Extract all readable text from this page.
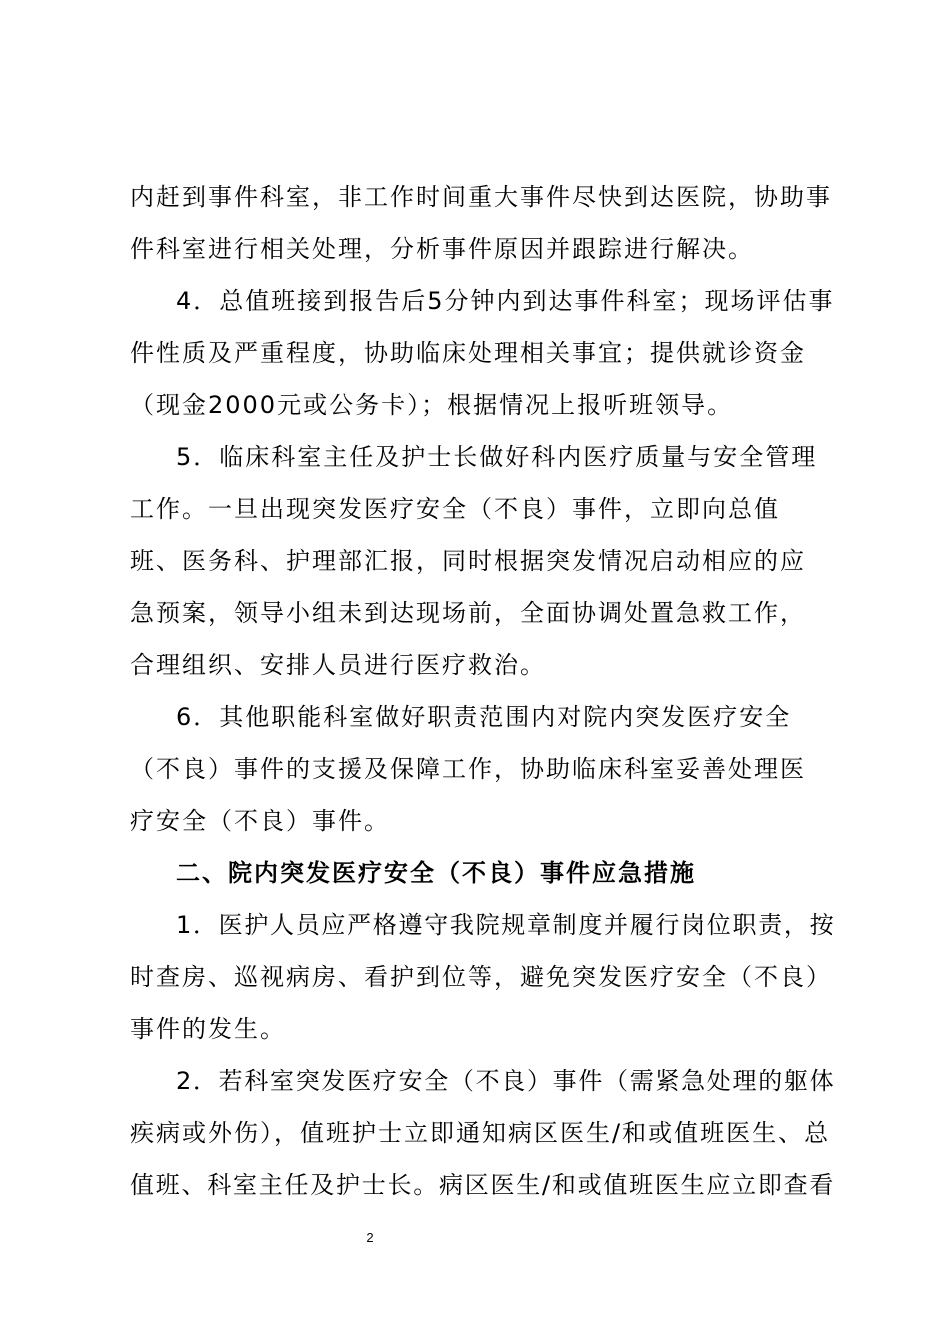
内赶到事件科室，非工作时间重大事件尽快到达医院，协助事
件科室进行相关处理，分析事件原因并跟踪进行解决。
4．总值班接到报告后5分钟内到达事件科室；现场评估事
件性质及严重程度，协助临床处理相关事宜；提供就诊资金
（现金2000元或公务卡）；根据情况上报听班领导。
5．临床科室主任及护士长做好科内医疗质量与安全管理
工作。一旦出现突发医疗安全（不良）事件，立即向总值
班、医务科、护理部汇报，同时根据突发情况启动相应的应
急预案，领导小组未到达现场前，全面协调处置急救工作，
合理组织、安排人员进行医疗救治。
6．其他职能科室做好职责范围内对院内突发医疗安全
（不良）事件的支援及保障工作，协助临床科室妥善处理医
疗安全（不良）事件。
二、院内突发医疗安全（不良）事件应急措施
1．医护人员应严格遵守我院规章制度并履行岗位职责，按
时查房、巡视病房、看护到位等，避免突发医疗安全（不良）
事件的发生。
2．若科室突发医疗安全（不良）事件（需紧急处理的躯体
疾病或外伤），值班护士立即通知病区医生/和或值班医生、总
值班、科室主任及护士长。病区医生/和或值班医生应立即查看
2
